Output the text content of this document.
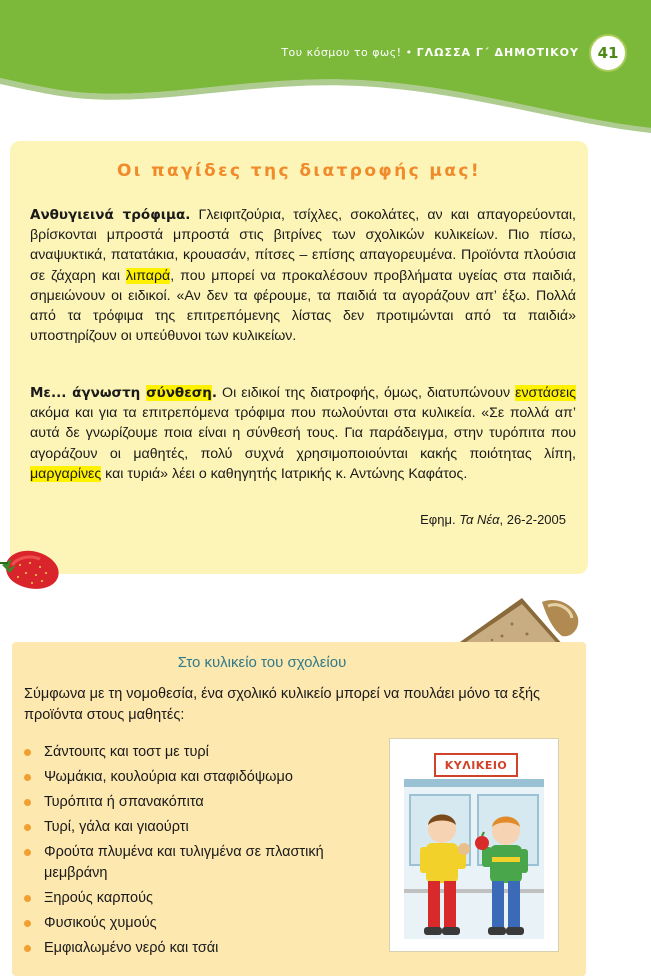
Του κόσμου το φως! • ΓΛΩΣΣΑ Γ΄ ΔΗΜΟΤΙΚΟΥ	41
Οι παγίδες της διατροφής μας!
Ανθυγιεινά τρόφιμα. Γλειφιτζούρια, τσίχλες, σοκολάτες, αν και απαγορεύονται, βρίσκονται μπροστά μπροστά στις βιτρίνες των σχολικών κυλικείων. Πιο πίσω, αναψυκτικά, πατατάκια, κρουασάν, πίτσες – επίσης απαγορευμένα. Προϊόντα πλούσια σε ζάχαρη και λιπαρά, που μπορεί να προκαλέσουν προβλήματα υγείας στα παιδιά, σημειώνουν οι ειδικοί. «Αν δεν τα φέρουμε, τα παιδιά τα αγοράζουν απ’ έξω. Πολλά από τα τρόφιμα της επιτρεπόμενης λίστας δεν προτιμώνται από τα παιδιά» υποστηρίζουν οι υπεύθυνοι των κυλικείων.
Με... άγνωστη σύνθεση. Οι ειδικοί της διατροφής, όμως, διατυπώνουν ενστάσεις ακόμα και για τα επιτρεπόμενα τρόφιμα που πωλούνται στα κυλικεία. «Σε πολλά απ’ αυτά δε γνωρίζουμε ποια είναι η σύνθεσή τους. Για παράδειγμα, στην τυρόπιτα που αγοράζουν οι μαθητές, πολύ συχνά χρησιμοποιούνται κακής ποιότητας λίπη, μαργαρίνες και τυριά» λέει ο καθηγητής Ιατρικής κ. Αντώνης Καφάτος.
Εφημ. Τα Νέα, 26-2-2005
Στο κυλικείο του σχολείου
Σύμφωνα με τη νομοθεσία, ένα σχολικό κυλικείο μπορεί να πουλάει μόνο τα εξής προϊόντα στους μαθητές:
Σάντουιτς και τοστ με τυρί
Ψωμάκια, κουλούρια και σταφιδόψωμο
Τυρόπιτα ή σπανακόπιτα
Τυρί, γάλα και γιαούρτι
Φρούτα πλυμένα και τυλιγμένα σε πλαστική μεμβράνη
Ξηρούς καρπούς
Φυσικούς χυμούς
Εμφιαλωμένο νερό και τσάι
ΚΥΛΙΚΕΙΟ
